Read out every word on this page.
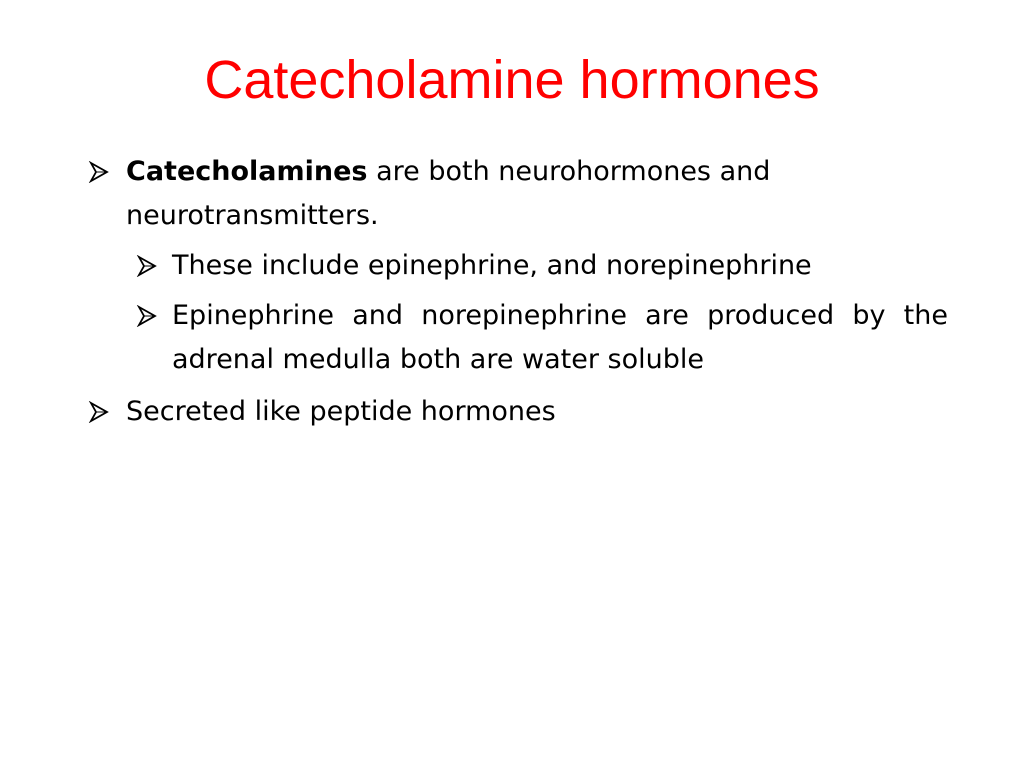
Catecholamine hormones
Catecholamines are both neurohormones and neurotransmitters.
These include epinephrine, and norepinephrine
Epinephrine and norepinephrine are produced by the adrenal medulla both are water soluble
Secreted like peptide hormones
